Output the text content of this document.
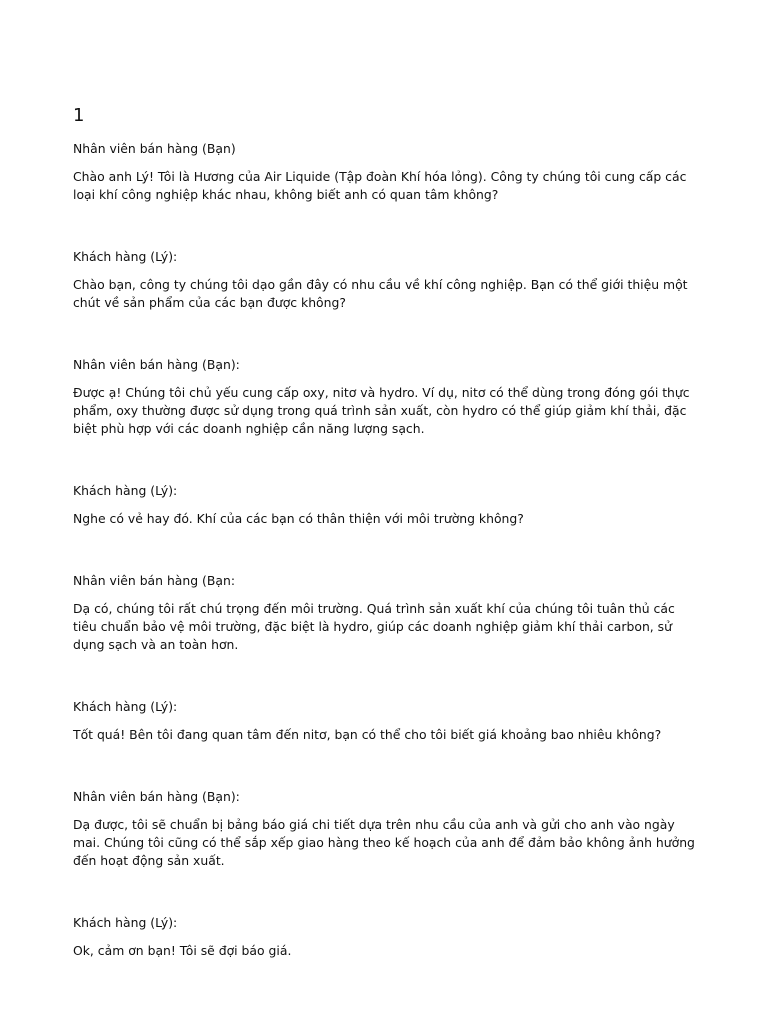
1
Nhân viên bán hàng (Bạn)
Chào anh Lý! Tôi là Hương của Air Liquide (Tập đoàn Khí hóa lỏng). Công ty chúng tôi cung cấp các loại khí công nghiệp khác nhau, không biết anh có quan tâm không?
Khách hàng (Lý):
Chào bạn, công ty chúng tôi dạo gần đây có nhu cầu về khí công nghiệp. Bạn có thể giới thiệu một chút về sản phẩm của các bạn được không?
Nhân viên bán hàng (Bạn):
Được ạ! Chúng tôi chủ yếu cung cấp oxy, nitơ và hydro. Ví dụ, nitơ có thể dùng trong đóng gói thực phẩm, oxy thường được sử dụng trong quá trình sản xuất, còn hydro có thể giúp giảm khí thải, đặc biệt phù hợp với các doanh nghiệp cần năng lượng sạch.
Khách hàng (Lý):
Nghe có vẻ hay đó. Khí của các bạn có thân thiện với môi trường không?
Nhân viên bán hàng (Bạn:
Dạ có, chúng tôi rất chú trọng đến môi trường. Quá trình sản xuất khí của chúng tôi tuân thủ các tiêu chuẩn bảo vệ môi trường, đặc biệt là hydro, giúp các doanh nghiệp giảm khí thải carbon, sử dụng sạch và an toàn hơn.
Khách hàng (Lý):
Tốt quá! Bên tôi đang quan tâm đến nitơ, bạn có thể cho tôi biết giá khoảng bao nhiêu không?
Nhân viên bán hàng (Bạn):
Dạ được, tôi sẽ chuẩn bị bảng báo giá chi tiết dựa trên nhu cầu của anh và gửi cho anh vào ngày mai. Chúng tôi cũng có thể sắp xếp giao hàng theo kế hoạch của anh để đảm bảo không ảnh hưởng đến hoạt động sản xuất.
Khách hàng (Lý):
Ok, cảm ơn bạn! Tôi sẽ đợi báo giá.
